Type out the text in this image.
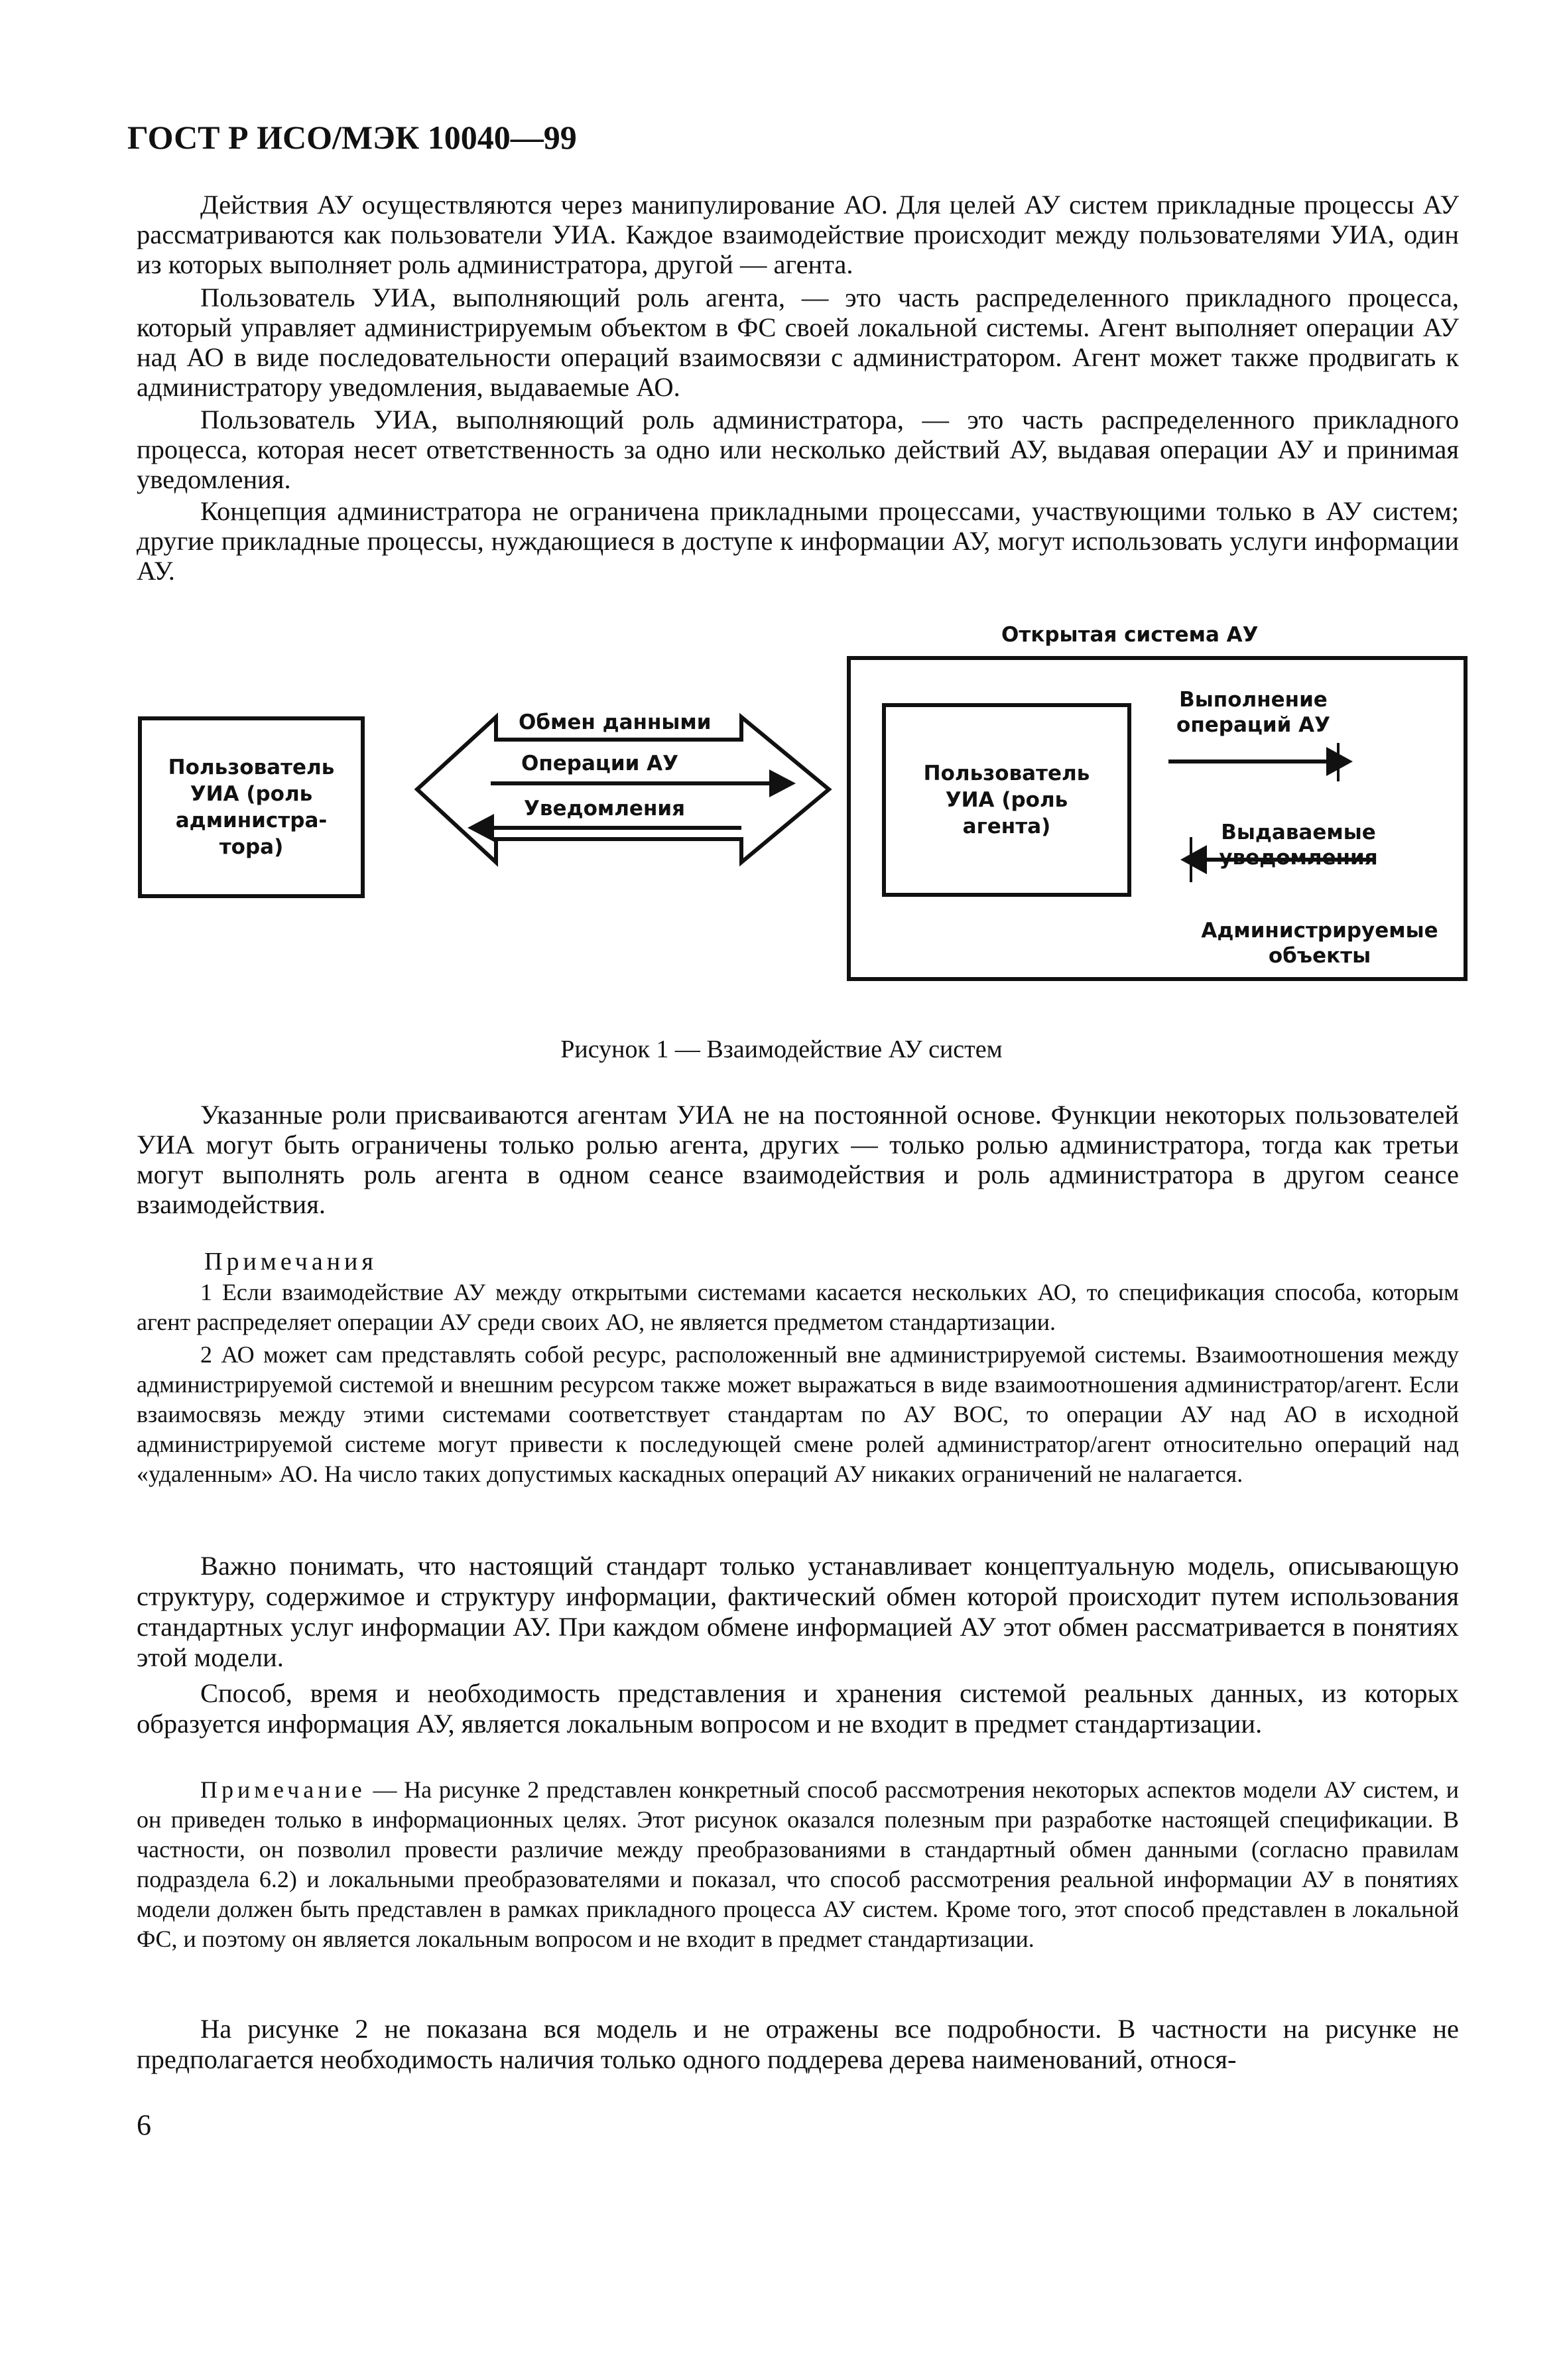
ГОСТ Р ИСО/МЭК 10040—99

Действия АУ осуществляются через манипулирование АО. Для целей АУ систем прикладные процессы АУ рассматриваются как пользователи УИА. Каждое взаимодействие происходит между пользователями УИА, один из которых выполняет роль администратора, другой — агента.

Пользователь УИА, выполняющий роль агента, — это часть распределенного прикладного процесса, который управляет администрируемым объектом в ФС своей локальной системы. Агент выполняет операции АУ над АО в виде последовательности операций взаимосвязи с администратором. Агент может также продвигать к администратору уведомления, выдаваемые АО.

Пользователь УИА, выполняющий роль администратора, — это часть распределенного прикладного процесса, которая несет ответственность за одно или несколько действий АУ, выдавая операции АУ и принимая уведомления.

Концепция администратора не ограничена прикладными процессами, участвующими только в АУ систем; другие прикладные процессы, нуждающиеся в доступе к информации АУ, могут использовать услуги информации АУ.

Открытая система АУ
Пользователь
УИА (роль
администра-
тора)
Обмен данными
Операции АУ
Уведомления
Пользователь
УИА (роль
агента)
Выполнение
операций АУ
Выдаваемые
уведомления
Администрируемые
объекты
Рисунок 1 — Взаимодействие АУ систем

Указанные роли присваиваются агентам УИА не на постоянной основе. Функции некоторых пользователей УИА могут быть ограничены только ролью агента, других — только ролью администратора, тогда как третьи могут выполнять роль агента в одном сеансе взаимодействия и роль администратора в другом сеансе взаимодействия.

Примечания

1 Если взаимодействие АУ между открытыми системами касается нескольких АО, то спецификация способа, которым агент распределяет операции АУ среди своих АО, не является предметом стандартизации.

2 АО может сам представлять собой ресурс, расположенный вне администрируемой системы. Взаимоотношения между администрируемой системой и внешним ресурсом также может выражаться в виде взаимоотношения администратор/агент. Если взаимосвязь между этими системами соответствует стандартам по АУ ВОС, то операции АУ над АО в исходной администрируемой системе могут привести к последующей смене ролей администратор/агент относительно операций над «удаленным» АО. На число таких допустимых каскадных операций АУ никаких ограничений не налагается.

Важно понимать, что настоящий стандарт только устанавливает концептуальную модель, описывающую структуру, содержимое и структуру информации, фактический обмен которой происходит путем использования стандартных услуг информации АУ. При каждом обмене информацией АУ этот обмен рассматривается в понятиях этой модели.

Способ, время и необходимость представления и хранения системой реальных данных, из которых образуется информация АУ, является локальным вопросом и не входит в предмет стандартизации.

Примечание — На рисунке 2 представлен конкретный способ рассмотрения некоторых аспектов модели АУ систем, и он приведен только в информационных целях. Этот рисунок оказался полезным при разработке настоящей спецификации. В частности, он позволил провести различие между преобразованиями в стандартный обмен данными (согласно правилам подраздела 6.2) и локальными преобразователями и показал, что способ рассмотрения реальной информации АУ в понятиях модели должен быть представлен в рамках прикладного процесса АУ систем. Кроме того, этот способ представлен в локальной ФС, и поэтому он является локальным вопросом и не входит в предмет стандартизации.

На рисунке 2 не показана вся модель и не отражены все подробности. В частности на рисунке не предполагается необходимость наличия только одного поддерева дерева наименований, относя-

6
